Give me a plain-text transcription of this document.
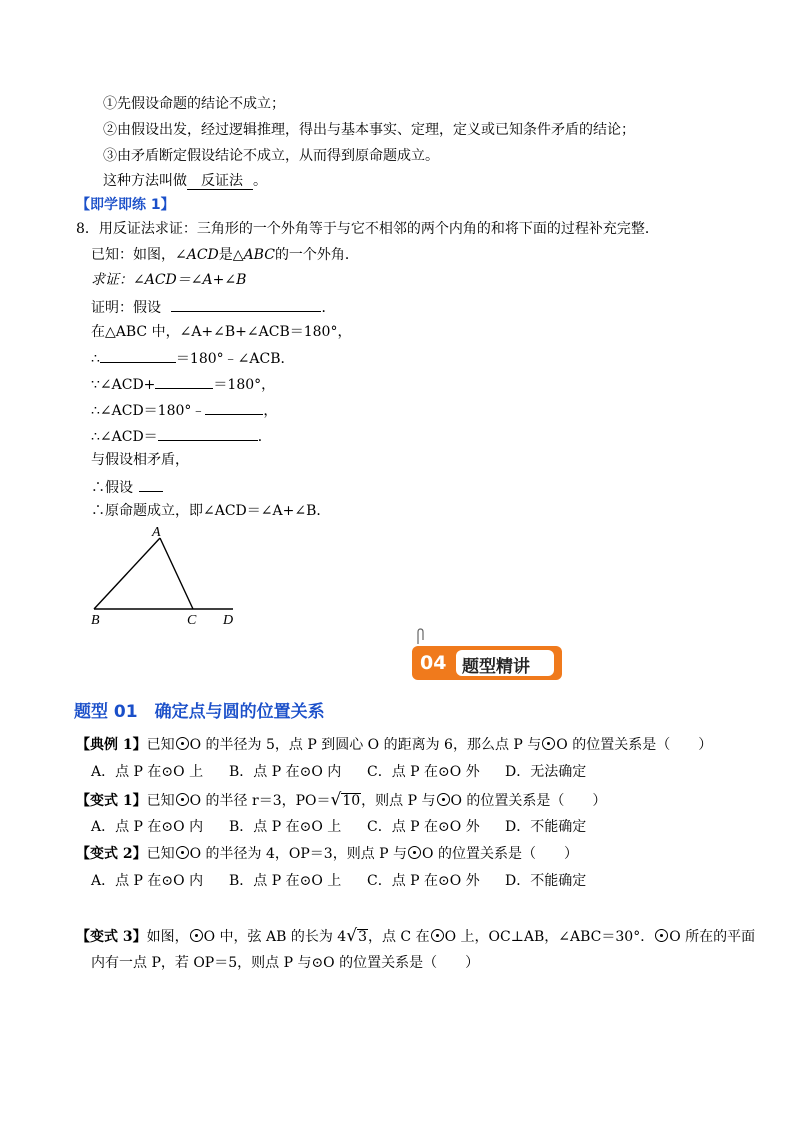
①先假设命题的结论不成立；
②由假设出发，经过逻辑推理，得出与基本事实、定理，定义或已知条件矛盾的结论；
③由矛盾断定假设结论不成立，从而得到原命题成立。
这种方法叫做 反证法 。
【即学即练 1】
8．用反证法求证：三角形的一个外角等于与它不相邻的两个内角的和将下面的过程补充完整．
已知：如图，∠ACD是△ABC的一个外角．
求证：∠ACD＝∠A+∠B
证明：假设	．
在△ABC 中，∠A+∠B+∠ACB＝180°，
∴	＝180°﹣∠ACB．
∵∠ACD+	＝180°，
∴∠ACD＝180°﹣	，
∴∠ACD＝	．
与假设相矛盾，
∴假设
∴原命题成立，即∠ACD＝∠A+∠B．
A
B	C D
04 题型精讲
题型 01　确定点与圆的位置关系
【典例 1】已知 O 的半径为 5，点 P 到圆心 O 的距离为 6，那么点 P 与 O 的位置关系是（　　）
A．点 P 在⊙O 上 B．点 P 在⊙O 内 C．点 P 在⊙O 外 D．无法确定
【变式 1】已知 O 的半径 r＝3，PO＝√10，则点 P 与 O 的位置关系是（　　）
A．点 P 在⊙O 内 B．点 P 在⊙O 上 C．点 P 在⊙O 外 D．不能确定
【变式 2】已知 O 的半径为 4，OP＝3，则点 P 与 O 的位置关系是（　　）
A．点 P 在⊙O 内 B．点 P 在⊙O 上 C．点 P 在⊙O 外 D．不能确定
【变式 3】如图， O 中，弦 AB 的长为 4√3，点 C 在 O 上，OC⊥AB，∠ABC＝30°． O 所在的平面
内有一点 P，若 OP＝5，则点 P 与⊙O 的位置关系是（　　）
